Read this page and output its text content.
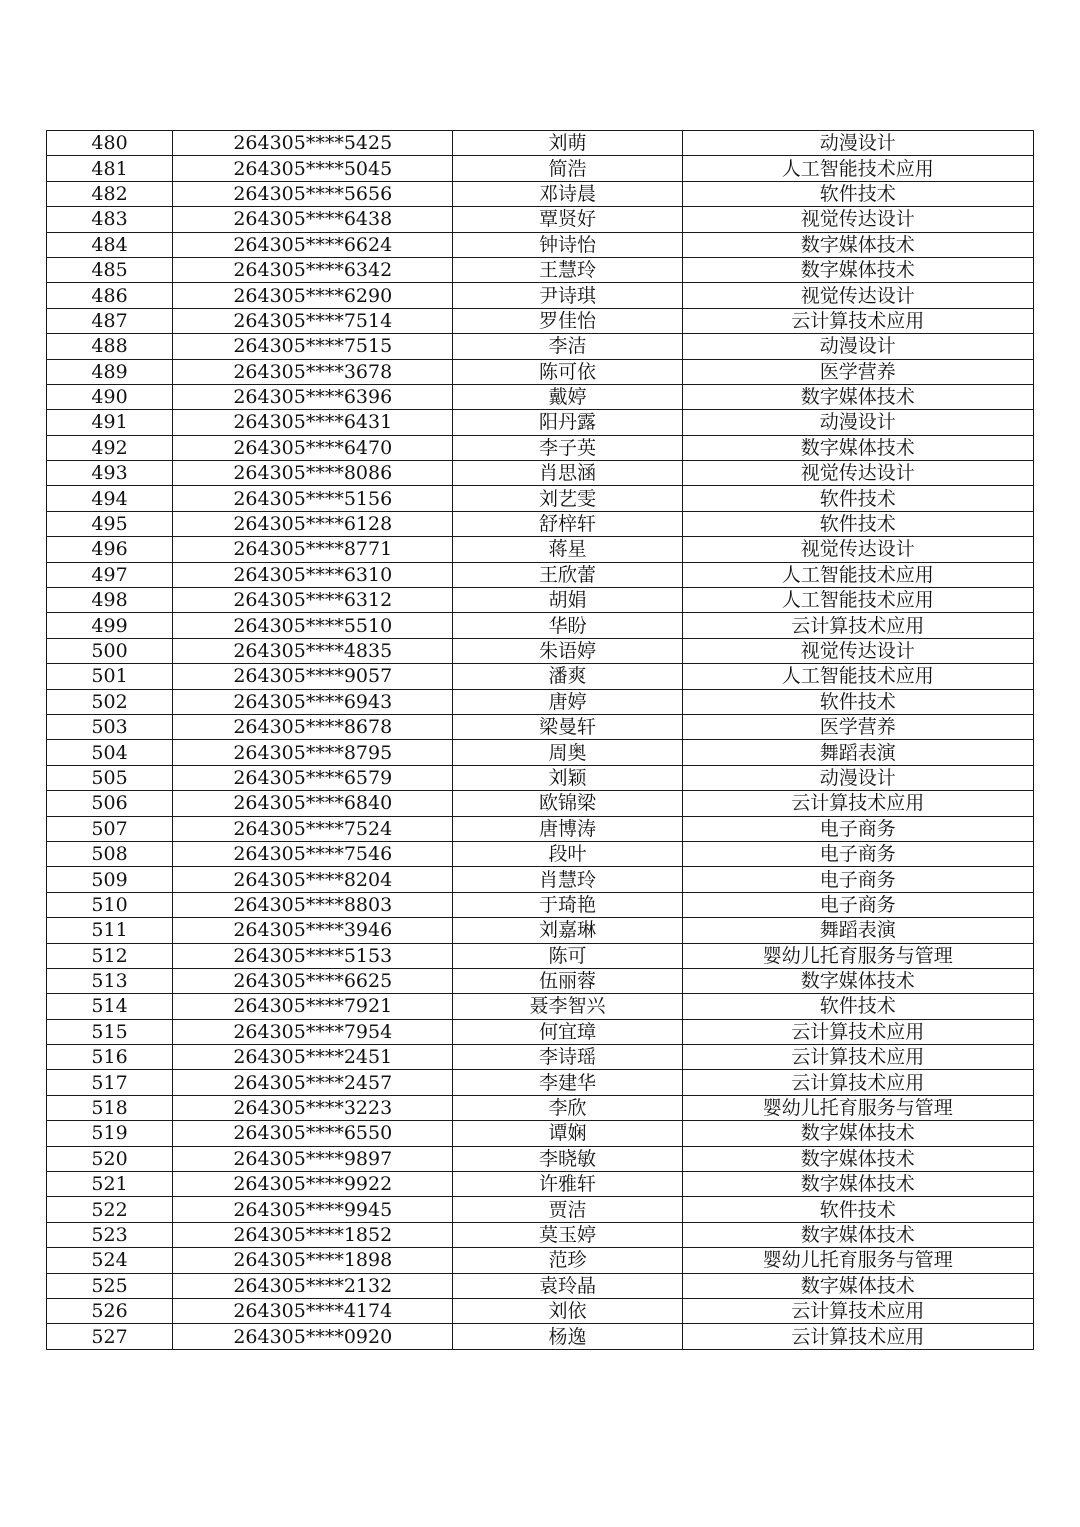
480	264305****5425	刘萌	动漫设计
481	264305****5045	简浩	人工智能技术应用
482	264305****5656	邓诗晨	软件技术
483	264305****6438	覃贤好	视觉传达设计
484	264305****6624	钟诗怡	数字媒体技术
485	264305****6342	王慧玲	数字媒体技术
486	264305****6290	尹诗琪	视觉传达设计
487	264305****7514	罗佳怡	云计算技术应用
488	264305****7515	李洁	动漫设计
489	264305****3678	陈可依	医学营养
490	264305****6396	戴婷	数字媒体技术
491	264305****6431	阳丹露	动漫设计
492	264305****6470	李子英	数字媒体技术
493	264305****8086	肖思涵	视觉传达设计
494	264305****5156	刘艺雯	软件技术
495	264305****6128	舒梓轩	软件技术
496	264305****8771	蒋星	视觉传达设计
497	264305****6310	王欣蕾	人工智能技术应用
498	264305****6312	胡娟	人工智能技术应用
499	264305****5510	华盼	云计算技术应用
500	264305****4835	朱语婷	视觉传达设计
501	264305****9057	潘爽	人工智能技术应用
502	264305****6943	唐婷	软件技术
503	264305****8678	梁曼轩	医学营养
504	264305****8795	周奥	舞蹈表演
505	264305****6579	刘颖	动漫设计
506	264305****6840	欧锦梁	云计算技术应用
507	264305****7524	唐博涛	电子商务
508	264305****7546	段叶	电子商务
509	264305****8204	肖慧玲	电子商务
510	264305****8803	于琦艳	电子商务
511	264305****3946	刘嘉琳	舞蹈表演
512	264305****5153	陈可	婴幼儿托育服务与管理
513	264305****6625	伍丽蓉	数字媒体技术
514	264305****7921	聂李智兴	软件技术
515	264305****7954	何宜璋	云计算技术应用
516	264305****2451	李诗瑶	云计算技术应用
517	264305****2457	李建华	云计算技术应用
518	264305****3223	李欣	婴幼儿托育服务与管理
519	264305****6550	谭娴	数字媒体技术
520	264305****9897	李晓敏	数字媒体技术
521	264305****9922	许雅轩	数字媒体技术
522	264305****9945	贾洁	软件技术
523	264305****1852	莫玉婷	数字媒体技术
524	264305****1898	范珍	婴幼儿托育服务与管理
525	264305****2132	袁玲晶	数字媒体技术
526	264305****4174	刘依	云计算技术应用
527	264305****0920	杨逸	云计算技术应用
